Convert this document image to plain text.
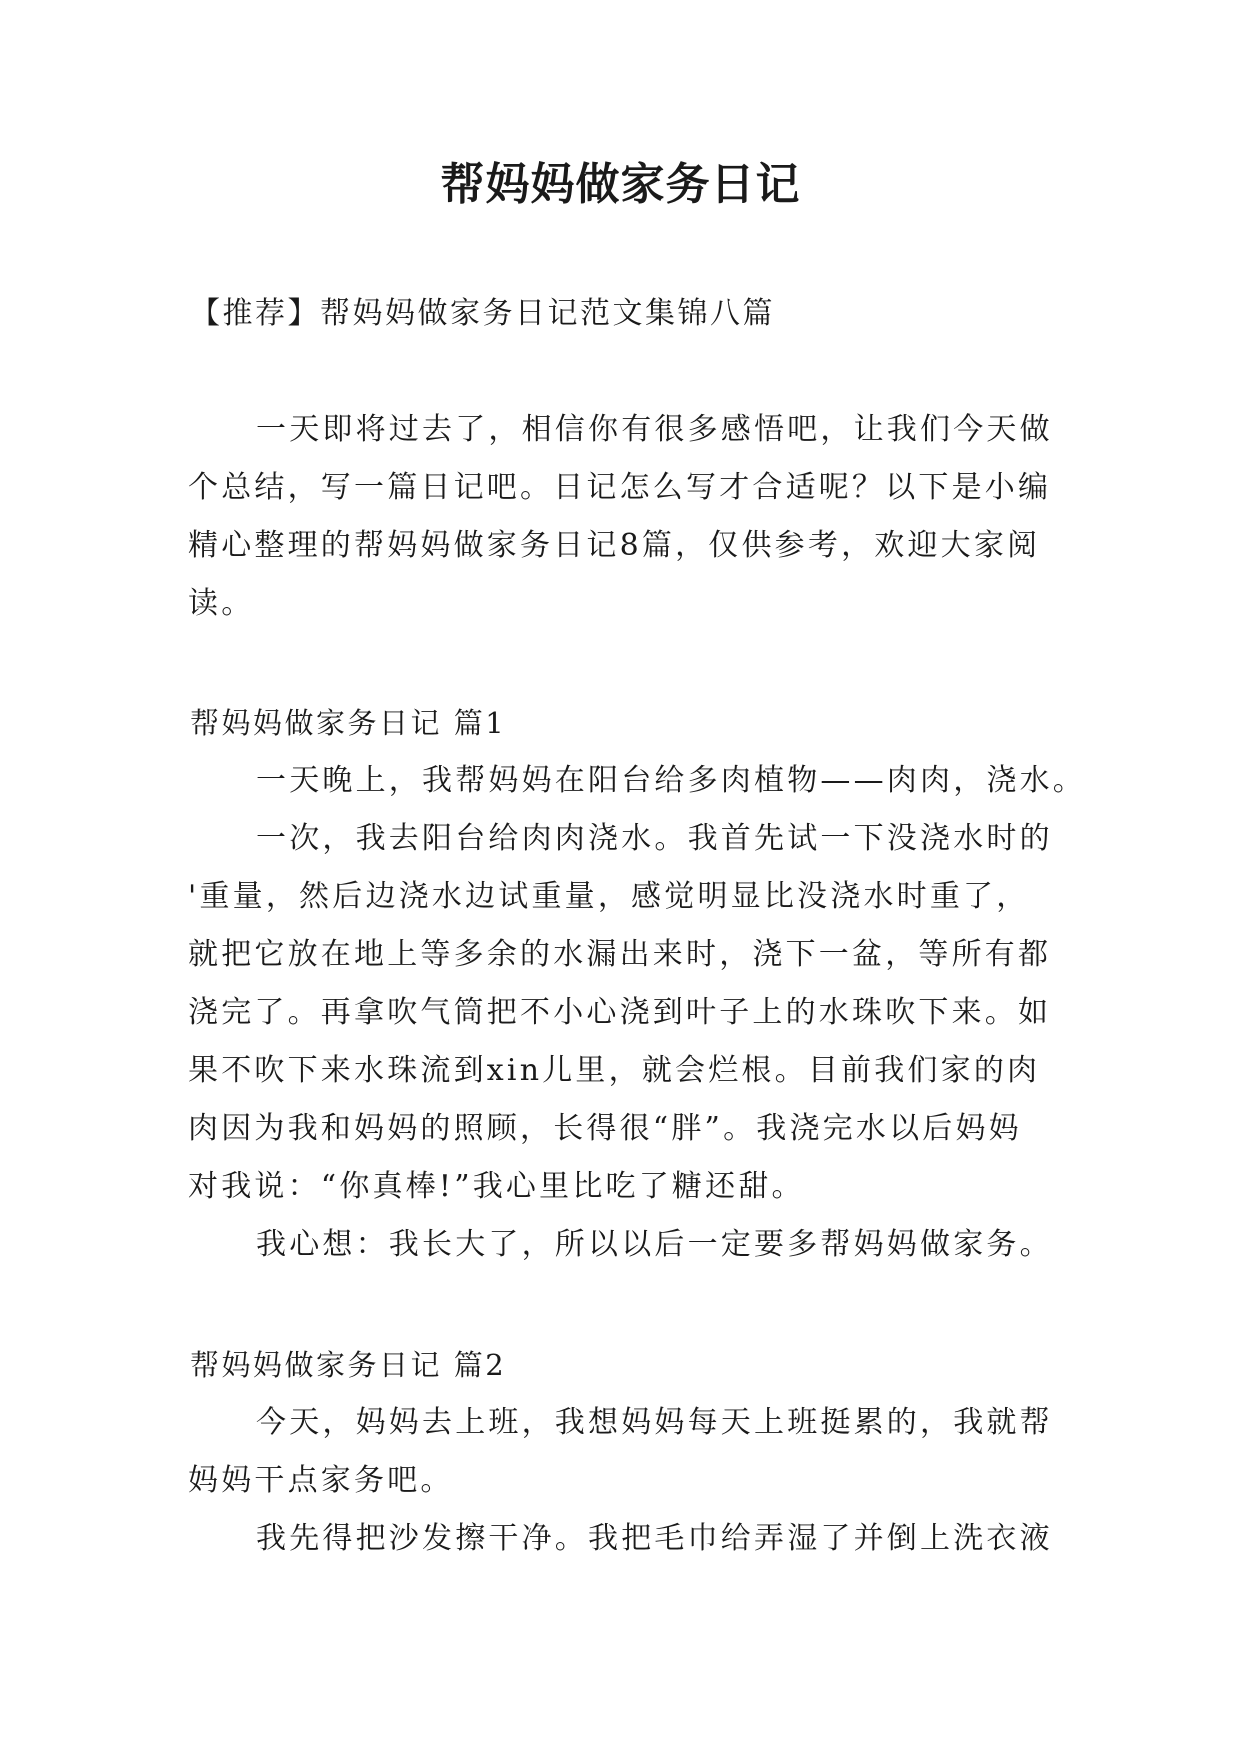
帮妈妈做家务日记
【推荐】帮妈妈做家务日记范文集锦八篇
一天即将过去了，相信你有很多感悟吧，让我们今天做
个总结，写一篇日记吧。日记怎么写才合适呢？以下是小编
精心整理的帮妈妈做家务日记8篇，仅供参考，欢迎大家阅
读。
帮妈妈做家务日记 篇1
一天晚上，我帮妈妈在阳台给多肉植物——肉肉，浇水。
一次，我去阳台给肉肉浇水。我首先试一下没浇水时的
'重量，然后边浇水边试重量，感觉明显比没浇水时重了，
就把它放在地上等多余的水漏出来时，浇下一盆，等所有都
浇完了。再拿吹气筒把不小心浇到叶子上的水珠吹下来。如
果不吹下来水珠流到xin儿里，就会烂根。目前我们家的肉
肉因为我和妈妈的照顾，长得很“胖”。我浇完水以后妈妈
对我说：“你真棒!”我心里比吃了糖还甜。
我心想：我长大了，所以以后一定要多帮妈妈做家务。
帮妈妈做家务日记 篇2
今天，妈妈去上班，我想妈妈每天上班挺累的，我就帮
妈妈干点家务吧。
我先得把沙发擦干净。我把毛巾给弄湿了并倒上洗衣液
